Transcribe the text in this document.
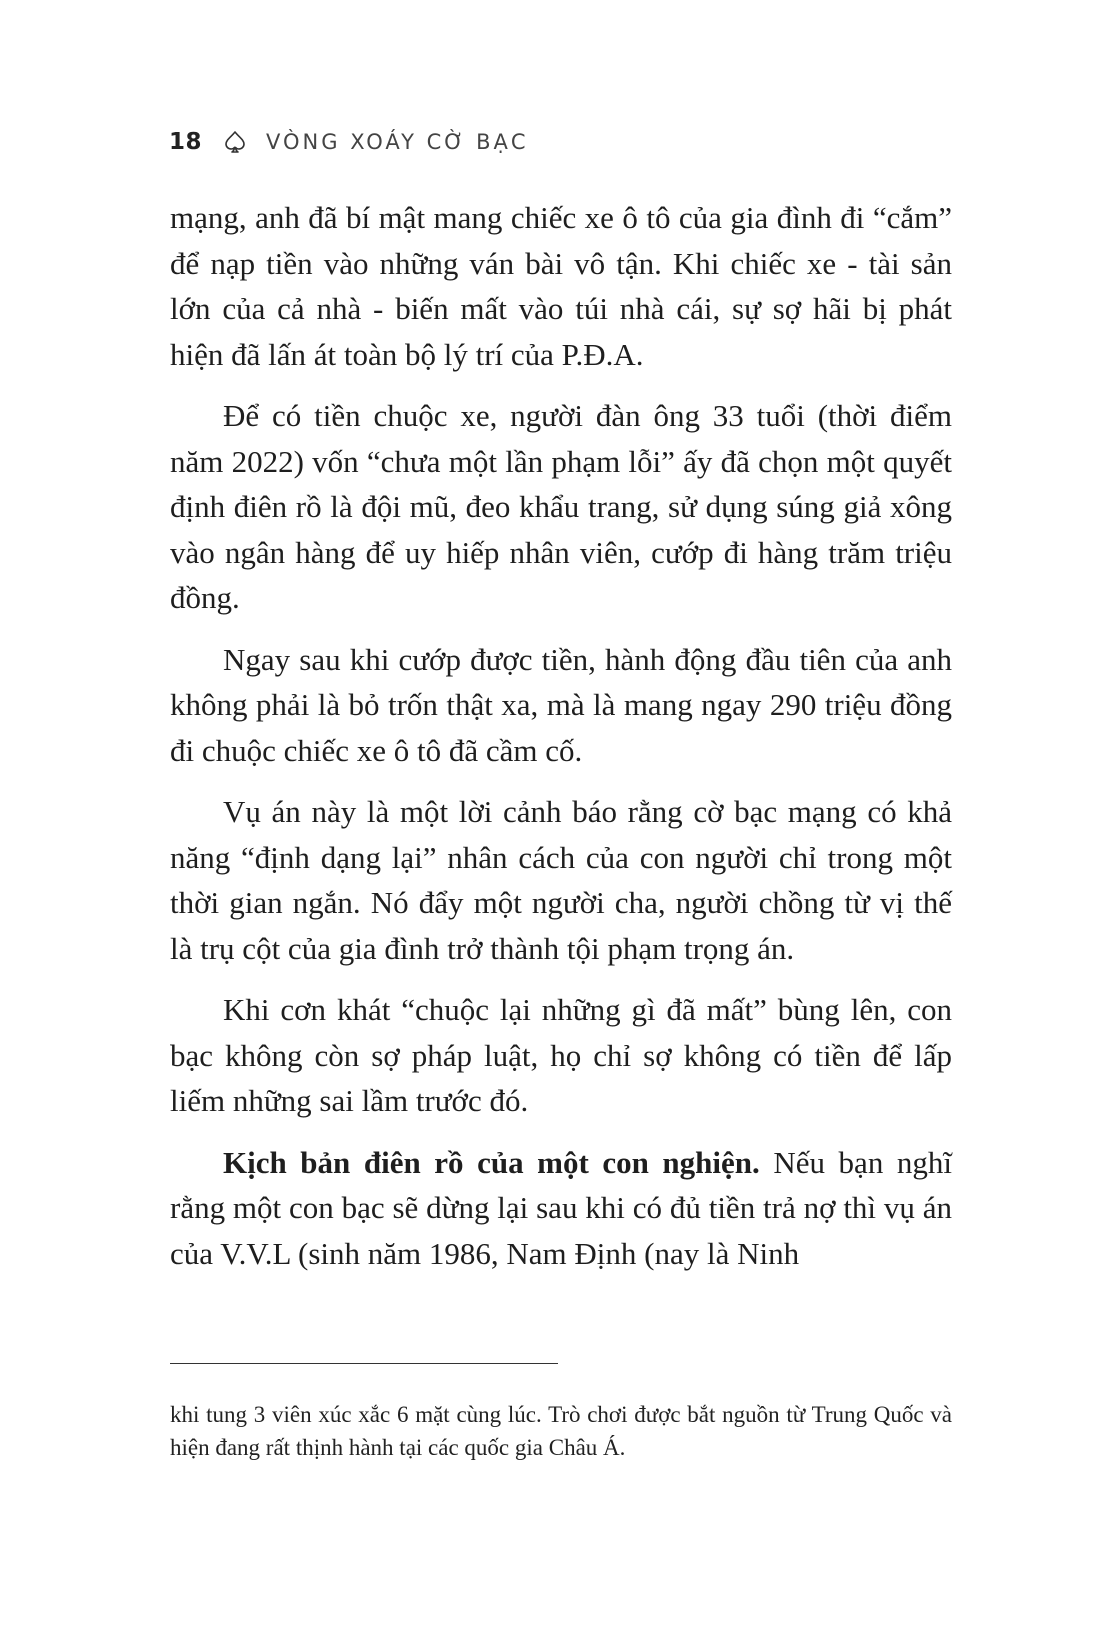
18	VÒNG XOÁY CỜ BẠC

mạng, anh đã bí mật mang chiếc xe ô tô của gia đình đi “cắm” để nạp tiền vào những ván bài vô tận. Khi chiếc xe - tài sản lớn của cả nhà - biến mất vào túi nhà cái, sự sợ hãi bị phát hiện đã lấn át toàn bộ lý trí của P.Đ.A.

Để có tiền chuộc xe, người đàn ông 33 tuổi (thời điểm năm 2022) vốn “chưa một lần phạm lỗi” ấy đã chọn một quyết định điên rồ là đội mũ, đeo khẩu trang, sử dụng súng giả xông vào ngân hàng để uy hiếp nhân viên, cướp đi hàng trăm triệu đồng.

Ngay sau khi cướp được tiền, hành động đầu tiên của anh không phải là bỏ trốn thật xa, mà là mang ngay 290 triệu đồng đi chuộc chiếc xe ô tô đã cầm cố.

Vụ án này là một lời cảnh báo rằng cờ bạc mạng có khả năng “định dạng lại” nhân cách của con người chỉ trong một thời gian ngắn. Nó đẩy một người cha, người chồng từ vị thế là trụ cột của gia đình trở thành tội phạm trọng án.

Khi cơn khát “chuộc lại những gì đã mất” bùng lên, con bạc không còn sợ pháp luật, họ chỉ sợ không có tiền để lấp liếm những sai lầm trước đó.

Kịch bản điên rồ của một con nghiện. Nếu bạn nghĩ rằng một con bạc sẽ dừng lại sau khi có đủ tiền trả nợ thì vụ án của V.V.L (sinh năm 1986, Nam Định (nay là Ninh

khi tung 3 viên xúc xắc 6 mặt cùng lúc. Trò chơi được bắt nguồn từ Trung Quốc và hiện đang rất thịnh hành tại các quốc gia Châu Á.
